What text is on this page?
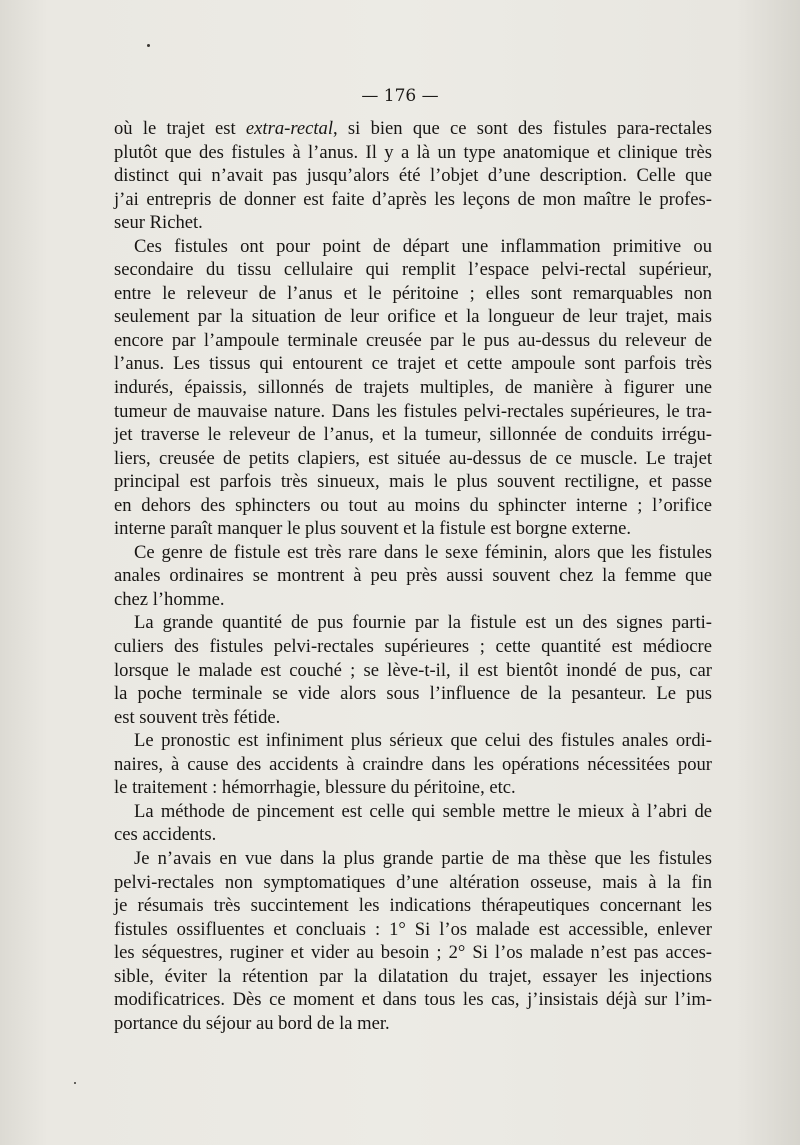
— 176 —
où le trajet est extra-rectal, si bien que ce sont des fistules para-rectales
plutôt que des fistules à l’anus. Il y a là un type anatomique et clinique très
distinct qui n’avait pas jusqu’alors été l’objet d’une description. Celle que
j’ai entrepris de donner est faite d’après les leçons de mon maître le profes-
seur Richet.
Ces fistules ont pour point de départ une inflammation primitive ou
secondaire du tissu cellulaire qui remplit l’espace pelvi-rectal supérieur,
entre le releveur de l’anus et le péritoine ; elles sont remarquables non
seulement par la situation de leur orifice et la longueur de leur trajet, mais
encore par l’ampoule terminale creusée par le pus au-dessus du releveur de
l’anus. Les tissus qui entourent ce trajet et cette ampoule sont parfois très
indurés, épaissis, sillonnés de trajets multiples, de manière à figurer une
tumeur de mauvaise nature. Dans les fistules pelvi-rectales supérieures, le tra-
jet traverse le releveur de l’anus, et la tumeur, sillonnée de conduits irrégu-
liers, creusée de petits clapiers, est située au-dessus de ce muscle. Le trajet
principal est parfois très sinueux, mais le plus souvent rectiligne, et passe
en dehors des sphincters ou tout au moins du sphincter interne ; l’orifice
interne paraît manquer le plus souvent et la fistule est borgne externe.
Ce genre de fistule est très rare dans le sexe féminin, alors que les fistules
anales ordinaires se montrent à peu près aussi souvent chez la femme que
chez l’homme.
La grande quantité de pus fournie par la fistule est un des signes parti-
culiers des fistules pelvi-rectales supérieures ; cette quantité est médiocre
lorsque le malade est couché ; se lève-t-il, il est bientôt inondé de pus, car
la poche terminale se vide alors sous l’influence de la pesanteur. Le pus
est souvent très fétide.
Le pronostic est infiniment plus sérieux que celui des fistules anales ordi-
naires, à cause des accidents à craindre dans les opérations nécessitées pour
le traitement : hémorrhagie, blessure du péritoine, etc.
La méthode de pincement est celle qui semble mettre le mieux à l’abri de
ces accidents.
Je n’avais en vue dans la plus grande partie de ma thèse que les fistules
pelvi-rectales non symptomatiques d’une altération osseuse, mais à la fin
je résumais très succintement les indications thérapeutiques concernant les
fistules ossifluentes et concluais : 1° Si l’os malade est accessible, enlever
les séquestres, ruginer et vider au besoin ; 2° Si l’os malade n’est pas acces-
sible, éviter la rétention par la dilatation du trajet, essayer les injections
modificatrices. Dès ce moment et dans tous les cas, j’insistais déjà sur l’im-
portance du séjour au bord de la mer.
